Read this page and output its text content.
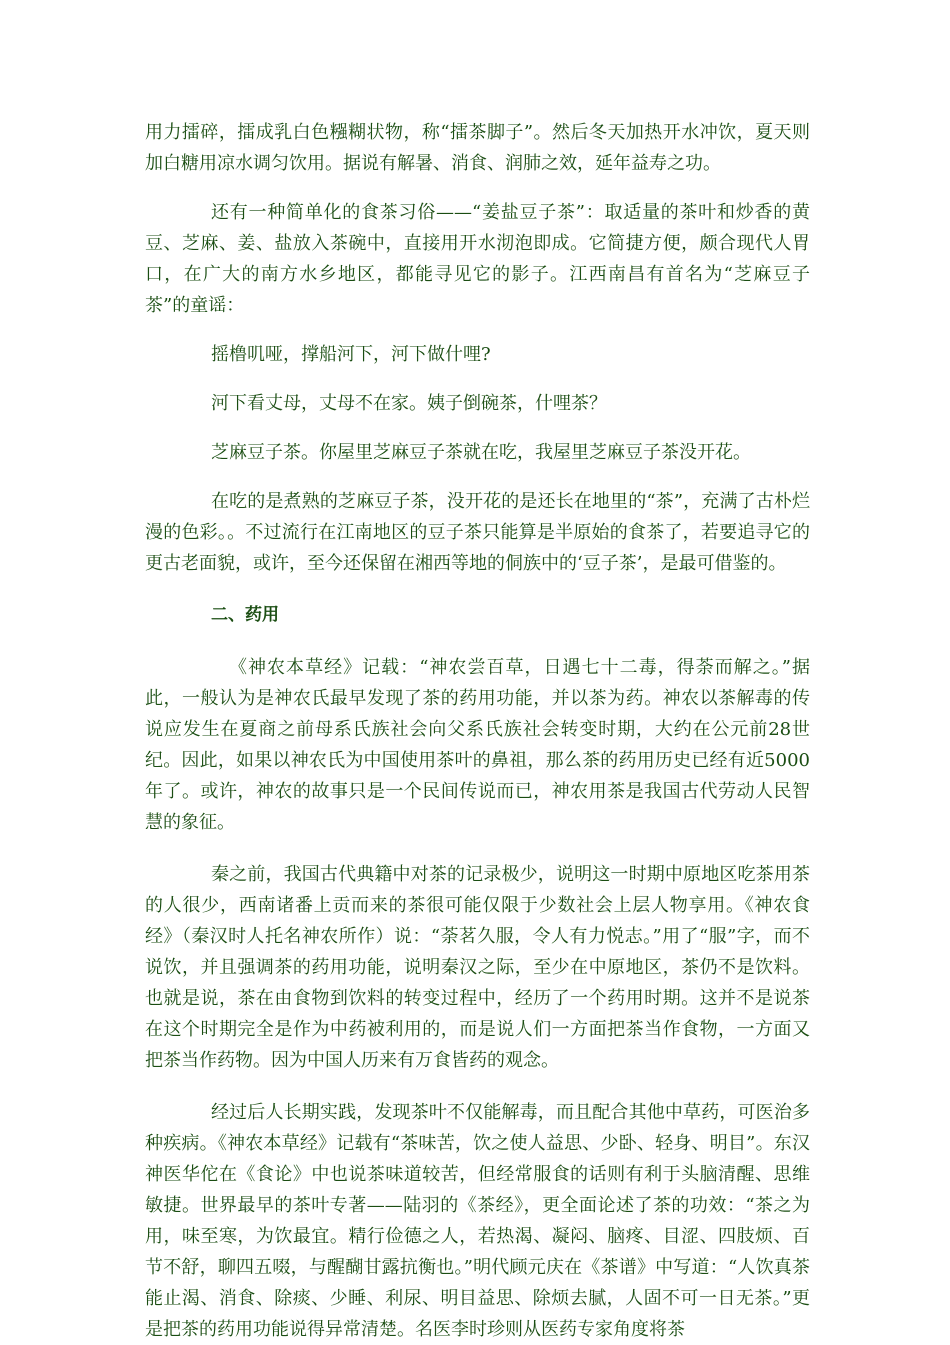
用力擂碎，擂成乳白色糨糊状物，称“擂茶脚子”。然后冬天加热开水冲饮，夏天则加白糖用凉水调匀饮用。据说有解暑、消食、润肺之效，延年益寿之功。

还有一种简单化的食茶习俗——“姜盐豆子茶”：取适量的茶叶和炒香的黄豆、芝麻、姜、盐放入茶碗中，直接用开水沏泡即成。它简捷方便，颇合现代人胃口，在广大的南方水乡地区，都能寻见它的影子。江西南昌有首名为“芝麻豆子茶”的童谣：

摇橹叽哑，撑船河下，河下做什哩?

河下看丈母，丈母不在家。姨子倒碗茶，什哩茶？

芝麻豆子茶。你屋里芝麻豆子茶就在吃，我屋里芝麻豆子茶没开花。

在吃的是煮熟的芝麻豆子茶，没开花的是还长在地里的“茶”，充满了古朴烂漫的色彩。。不过流行在江南地区的豆子茶只能算是半原始的食茶了，若要追寻它的更古老面貌，或许，至今还保留在湘西等地的侗族中的‘豆子茶’，是最可借鉴的。

二、药用

《神农本草经》记载：“神农尝百草，日遇七十二毒，得荼而解之。”据此，一般认为是神农氏最早发现了茶的药用功能，并以茶为药。神农以茶解毒的传说应发生在夏商之前母系氏族社会向父系氏族社会转变时期，大约在公元前28世纪。因此，如果以神农氏为中国使用茶叶的鼻祖，那么茶的药用历史已经有近5000年了。或许，神农的故事只是一个民间传说而已，神农用茶是我国古代劳动人民智慧的象征。

秦之前，我国古代典籍中对茶的记录极少，说明这一时期中原地区吃茶用茶的人很少，西南诸番上贡而来的茶很可能仅限于少数社会上层人物享用。《神农食经》（秦汉时人托名神农所作）说：“荼茗久服，令人有力悦志。”用了“服”字，而不说饮，并且强调茶的药用功能，说明秦汉之际，至少在中原地区，茶仍不是饮料。也就是说，茶在由食物到饮料的转变过程中，经历了一个药用时期。这并不是说茶在这个时期完全是作为中药被利用的，而是说人们一方面把茶当作食物，一方面又把茶当作药物。因为中国人历来有万食皆药的观念。

经过后人长期实践，发现茶叶不仅能解毒，而且配合其他中草药，可医治多种疾病。《神农本草经》记载有“茶味苦，饮之使人益思、少卧、轻身、明目”。东汉神医华佗在《食论》中也说茶味道较苦，但经常服食的话则有利于头脑清醒、思维敏捷。世界最早的茶叶专著——陆羽的《茶经》，更全面论述了茶的功效：“茶之为用，味至寒，为饮最宜。精行俭德之人，若热渴、凝闷、脑疼、目涩、四肢烦、百节不舒，聊四五啜，与醒醐甘露抗衡也。”明代顾元庆在《茶谱》中写道：“人饮真茶能止渴、消食、除痰、少睡、利尿、明目益思、除烦去腻，人固不可一日无茶。”更是把茶的药用功能说得异常清楚。名医李时珍则从医药专家角度将茶
